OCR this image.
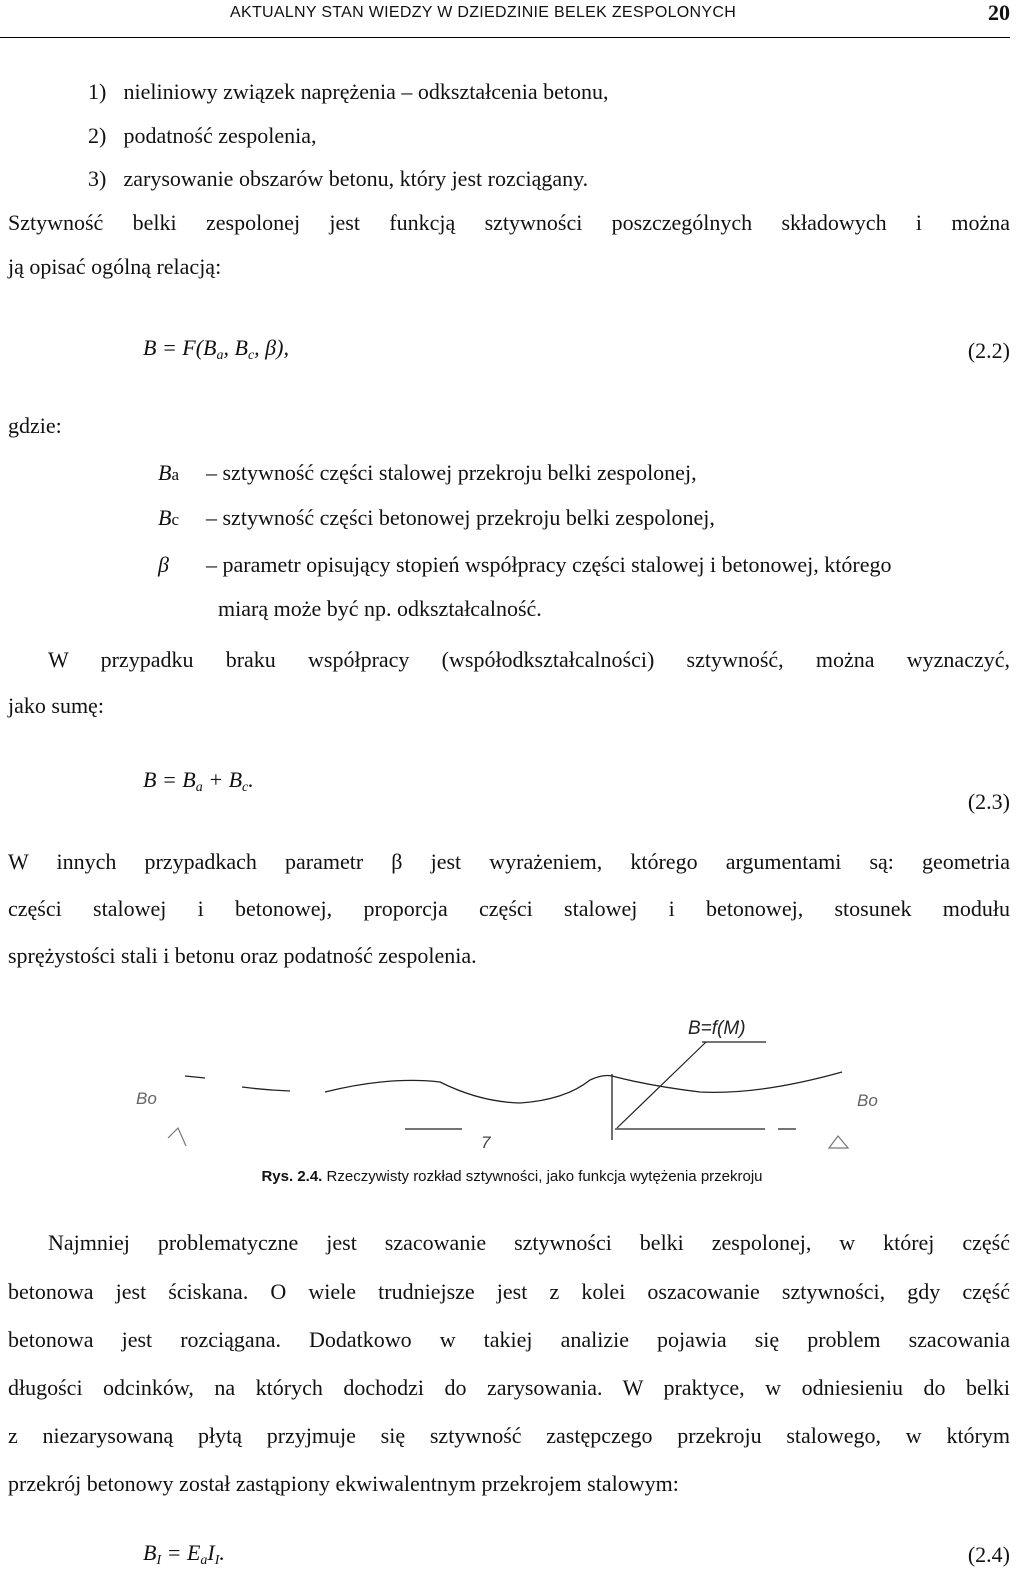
AKTUALNY STAN WIEDZY W DZIEDZINIE BELEK ZESPOLONYCH	20
1) nieliniowy związek naprężenia – odkształcenia betonu,
2) podatność zespolenia,
3) zarysowanie obszarów betonu, który jest rozciągany.
Sztywność belki zespolonej jest funkcją sztywności poszczególnych składowych i można
ją opisać ogólną relacją:
$B = F(B_a$, $B_c$, β),	(2.2)
gdzie:
Ba – sztywność części stalowej przekroju belki zespolonej,
Bc – sztywność części betonowej przekroju belki zespolonej,
β – parametr opisujący stopień współpracy części stalowej i betonowej, którego
miarą może być np. odkształcalność.
W przypadku braku współpracy (współodkształcalności) sztywność, można wyznaczyć,
jako sumę:
$B = B_a + B_c$.
(2.3)
W innych przypadkach parametr β jest wyrażeniem, którego argumentami są: geometria
części stalowej i betonowej, proporcja części stalowej i betonowej, stosunek modułu
sprężystości stali i betonu oraz podatność zespolenia.
B=f(M)
Bo	Bo
7
Rys. 2.4. Rzeczywisty rozkład sztywności, jako funkcja wytężenia przekroju
Najmniej problematyczne jest szacowanie sztywności belki zespolonej, w której część
betonowa jest ściskana. O wiele trudniejsze jest z kolei oszacowanie sztywności, gdy część
betonowa jest rozciągana. Dodatkowo w takiej analizie pojawia się problem szacowania
długości odcinków, na których dochodzi do zarysowania. W praktyce, w odniesieniu do belki
z niezarysowaną płytą przyjmuje się sztywność zastępczego przekroju stalowego, w którym
przekrój betonowy został zastąpiony ekwiwalentnym przekrojem stalowym:
$B_I = E_aI_I$.	(2.4)
